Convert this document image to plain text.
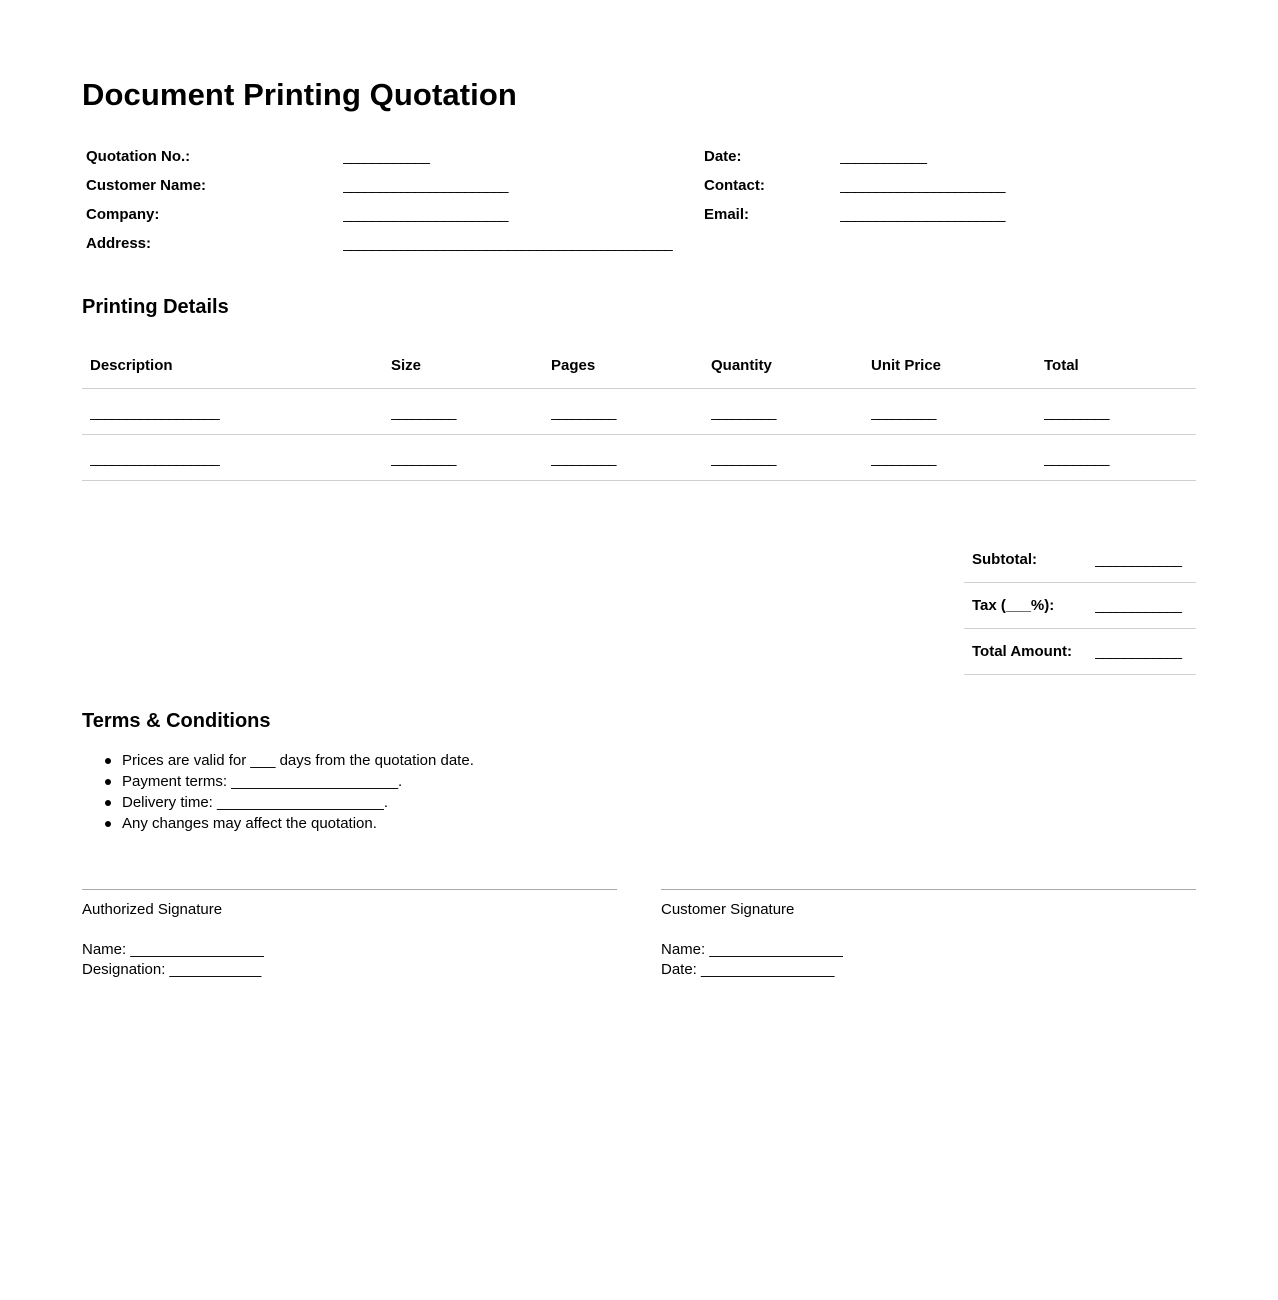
Document Printing Quotation
Quotation No.:	____________
Customer Name:	_______________________
Company:	_______________________
Address:	______________________________________________
Date:	____________
Contact:	_______________________
Email:	_______________________
Printing Details
Description	Size	Pages	Quantity	Unit Price	Total
__________________	_________	_________	_________	_________	_________
__________________	_________	_________	_________	_________	_________
Subtotal:	____________
Tax (___%):	____________
Total Amount: ____________
Terms & Conditions
Prices are valid for ___ days from the quotation date.
Payment terms: ____________________.
Delivery time: ____________________.
Any changes may affect the quotation.
Authorized Signature
Name: ________________
Designation: ___________
Customer Signature
Name: ________________
Date: ________________
